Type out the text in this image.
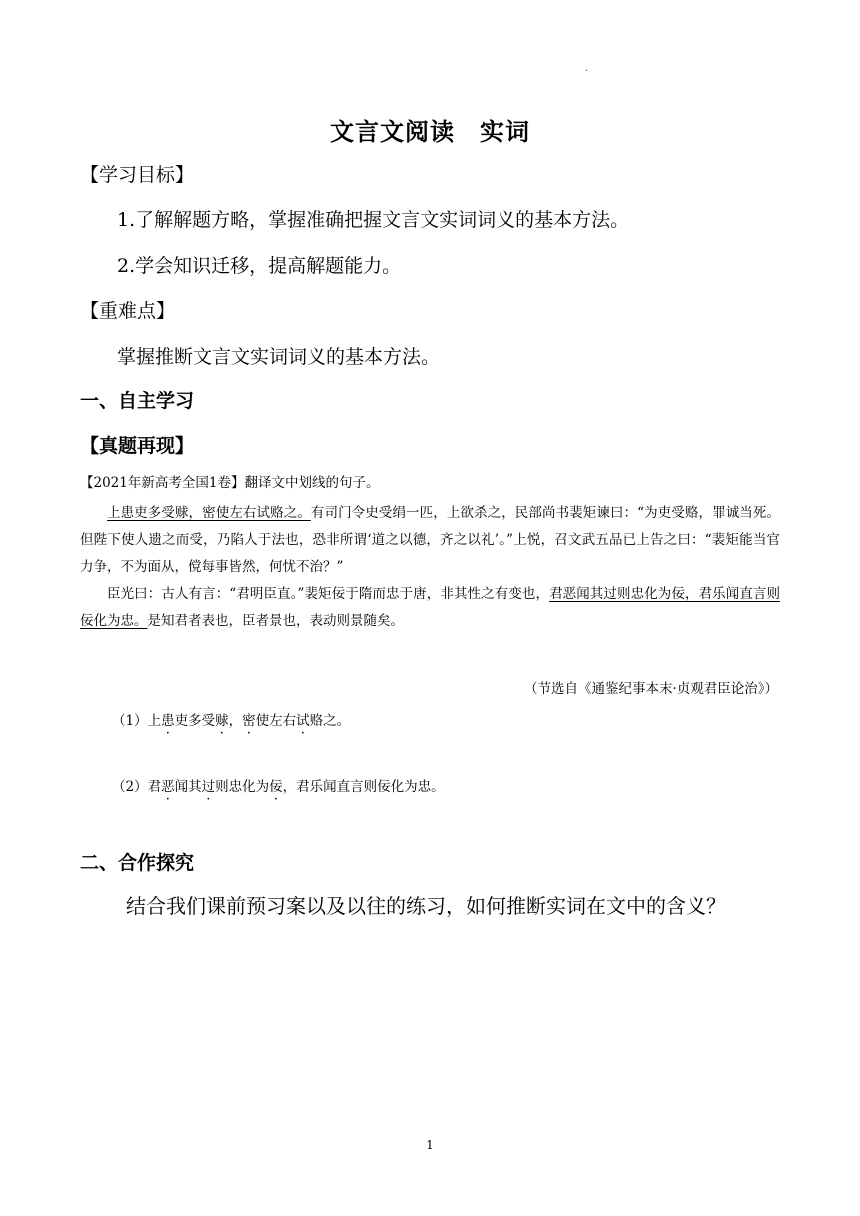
·
文言文阅读　实词
【学习目标】
1.了解解题方略，掌握准确把握文言文实词词义的基本方法。
2.学会知识迁移，提高解题能力。
【重难点】
掌握推断文言文实词词义的基本方法。
一、自主学习
【真题再现】
【2021年新高考全国1卷】翻译文中划线的句子。

上患吏多受赇，密使左右试赂之。有司门令史受绢一匹，上欲杀之，民部尚书裴矩谏曰：“为吏受赂，罪诚当死。但陛下使人遗之而受，乃陷人于法也，恐非所谓‘道之以德，齐之以礼’。”上悦，召文武五品已上告之曰：“裴矩能当官力争，不为面从，傥每事皆然，何忧不治？”

臣光曰：古人有言：“君明臣直。”裴矩佞于隋而忠于唐，非其性之有变也，君恶闻其过则忠化为佞，君乐闻直言则佞化为忠。是知君者表也，臣者景也，表动则景随矣。

（节选自《通鉴纪事本末·贞观君臣论治》）
（1）上患吏多受赇，密使左右试赂之。
（2）君恶闻其过则忠化为佞，君乐闻直言则佞化为忠。
二、合作探究
结合我们课前预习案以及以往的练习，如何推断实词在文中的含义？
1
